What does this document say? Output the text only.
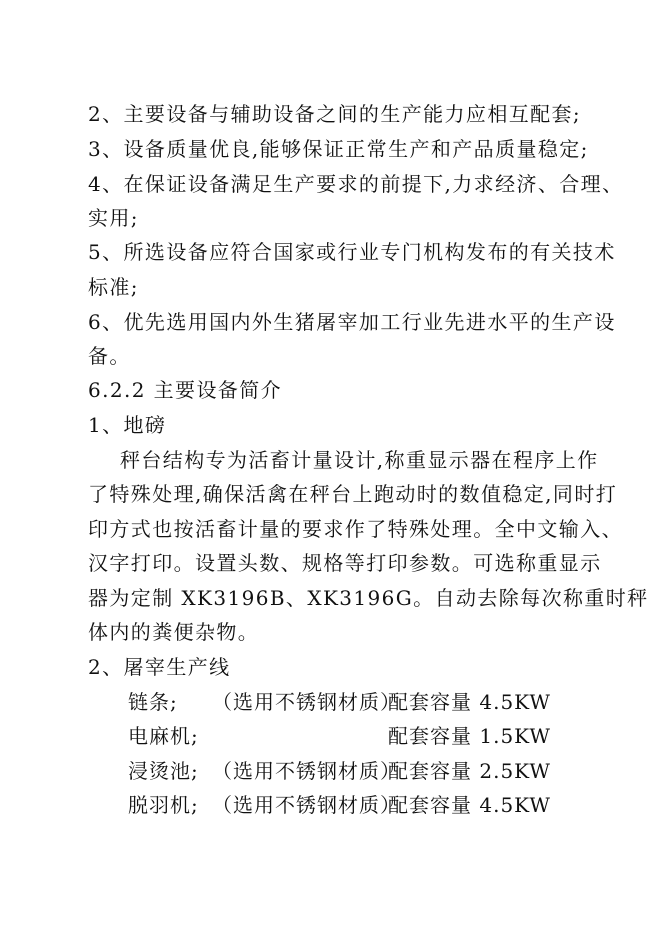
2、主要设备与辅助设备之间的生产能力应相互配套;
3、设备质量优良,能够保证正常生产和产品质量稳定;
4、在保证设备满足生产要求的前提下,力求经济、合理、
实用;
5、所选设备应符合国家或行业专门机构发布的有关技术
标准;
6、优先选用国内外生猪屠宰加工行业先进水平的生产设
备。
6.2.2 主要设备简介
1、地磅
秤台结构专为活畜计量设计,称重显示器在程序上作
了特殊处理,确保活禽在秤台上跑动时的数值稳定,同时打
印方式也按活畜计量的要求作了特殊处理。全中文输入、
汉字打印。设置头数、规格等打印参数。可选称重显示
器为定制 XK3196B、XK3196G。自动去除每次称重时秤
体内的粪便杂物。
2、屠宰生产线
链条; （选用不锈钢材质）
配套容量 4.5KW
电麻机;	配套容量 1.5KW
浸烫池; （选用不锈钢材质）
配套容量 2.5KW
脱羽机; （选用不锈钢材质）
配套容量 4.5KW
